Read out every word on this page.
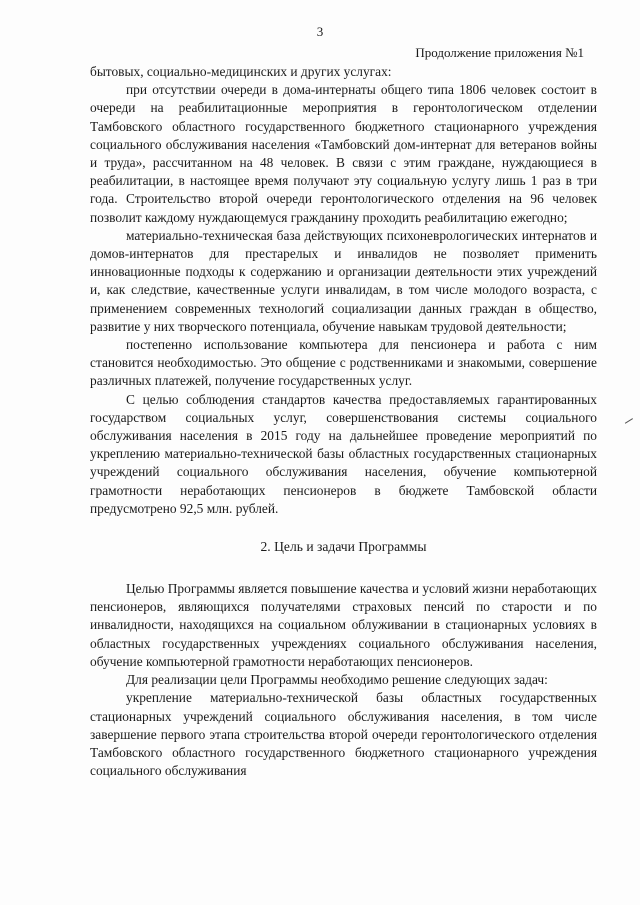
3
Продолжение приложения №1

бытовых, социально-медицинских и других услугах:

при отсутствии очереди в дома-интернаты общего типа 1806 человек состоит в очереди на реабилитационные мероприятия в геронтологическом отделении Тамбовского областного государственного бюджетного стационарного учреждения социального обслуживания населения «Тамбовский дом-интернат для ветеранов войны и труда», рассчитанном на 48 человек. В связи с этим граждане, нуждающиеся в реабилитации, в настоящее время получают эту социальную услугу лишь 1 раз в три года. Строительство второй очереди геронтологического отделения на 96 человек позволит каждому нуждающемуся гражданину проходить реабилитацию ежегодно;

материально-техническая база действующих психоневрологических интернатов и домов-интернатов для престарелых и инвалидов не позволяет применить инновационные подходы к содержанию и организации деятельности этих учреждений и, как следствие, качественные услуги инвалидам, в том числе молодого возраста, с применением современных технологий социализации данных граждан в общество, развитие у них творческого потенциала, обучение навыкам трудовой деятельности;

постепенно использование компьютера для пенсионера и работа с ним становится необходимостью. Это общение с родственниками и знакомыми, совершение различных платежей, получение государственных услуг.

С целью соблюдения стандартов качества предоставляемых гарантированных государством социальных услуг, совершенствования системы социального обслуживания населения в 2015 году на дальнейшее проведение мероприятий по укреплению материально-технической базы областных государственных стационарных учреждений социального обслуживания населения, обучение компьютерной грамотности неработающих пенсионеров в бюджете Тамбовской области предусмотрено 92,5 млн. рублей.

2. Цель и задачи Программы

Целью Программы является повышение качества и условий жизни неработающих пенсионеров, являющихся получателями страховых пенсий по старости и по инвалидности, находящихся на социальном облуживании в стационарных условиях в областных государственных учреждениях социального обслуживания населения, обучение компьютерной грамотности неработающих пенсионеров.

Для реализации цели Программы необходимо решение следующих задач:

укрепление материально-технической базы областных государственных стационарных учреждений социального обслуживания населения, в том числе завершение первого этапа строительства второй очереди геронтологического отделения Тамбовского областного государственного бюджетного стационарного учреждения социального обслуживания
